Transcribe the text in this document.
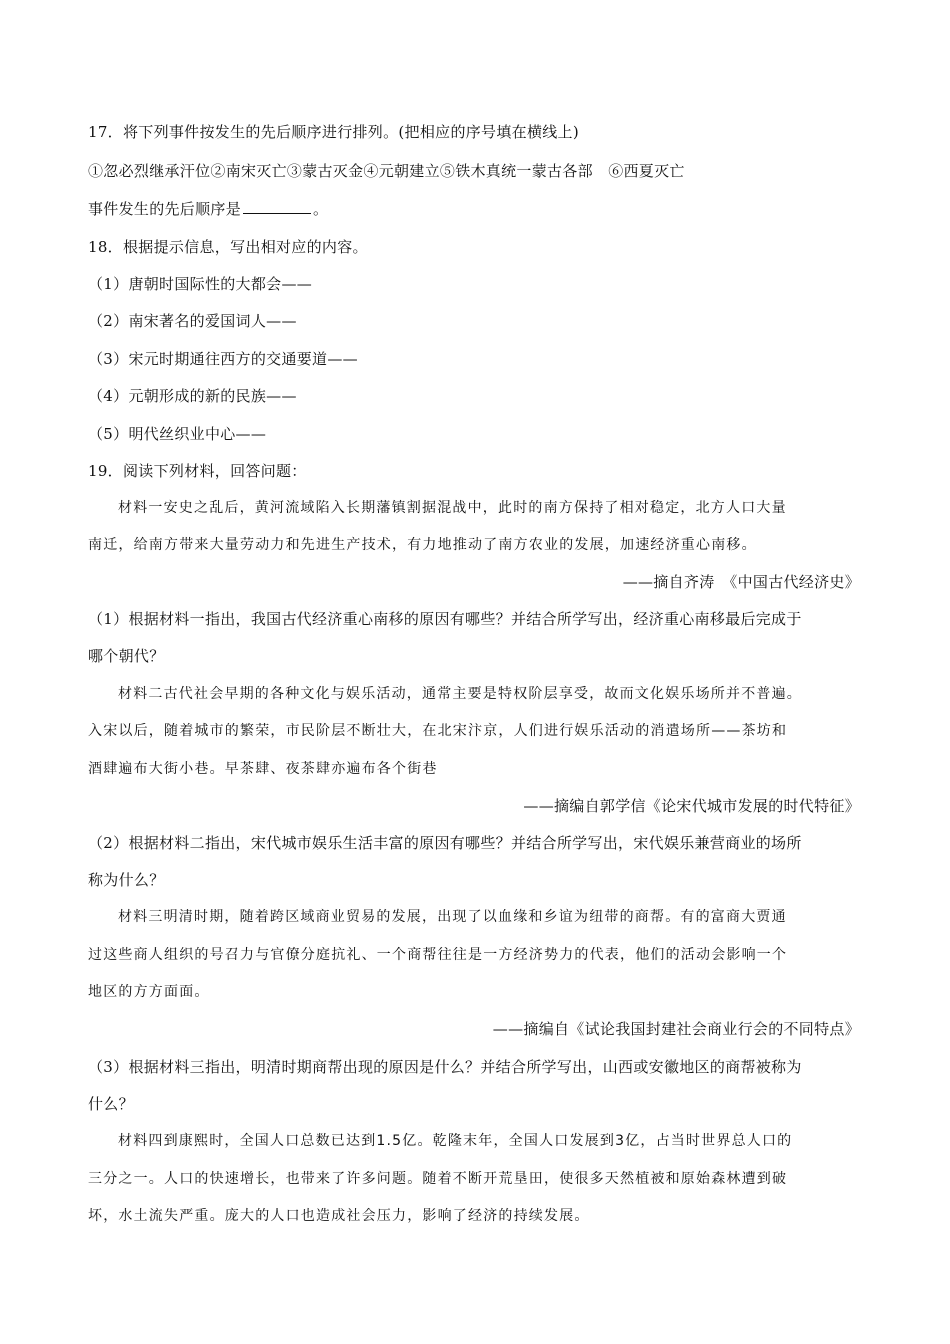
17．将下列事件按发生的先后顺序进行排列。(把相应的序号填在横线上)
①忽必烈继承汗位②南宋灭亡③蒙古灭金④元朝建立⑤铁木真统一蒙古各部　⑥西夏灭亡
事件发生的先后顺序是	。
18．根据提示信息，写出相对应的内容。
（1）唐朝时国际性的大都会——
（2）南宋著名的爱国词人——
（3）宋元时期通往西方的交通要道——
（4）元朝形成的新的民族——
（5）明代丝织业中心——
19．阅读下列材料，回答问题：
材料一安史之乱后，黄河流域陷入长期藩镇割据混战中，此时的南方保持了相对稳定，北方人口大量
南迁，给南方带来大量劳动力和先进生产技术，有力地推动了南方农业的发展，加速经济重心南移。
——摘自齐涛　《中国古代经济史》
（1）根据材料一指出，我国古代经济重心南移的原因有哪些？并结合所学写出，经济重心南移最后完成于
哪个朝代？
材料二古代社会早期的各种文化与娱乐活动，通常主要是特权阶层享受，故而文化娱乐场所并不普遍。
入宋以后，随着城市的繁荣，市民阶层不断壮大，在北宋汴京，人们进行娱乐活动的消遣场所——茶坊和
酒肆遍布大街小巷。早茶肆、夜茶肆亦遍布各个街巷
——摘编自郭学信《论宋代城市发展的时代特征》
（2）根据材料二指出，宋代城市娱乐生活丰富的原因有哪些？并结合所学写出，宋代娱乐兼营商业的场所
称为什么？
材料三明清时期，随着跨区域商业贸易的发展，出现了以血缘和乡谊为纽带的商帮。有的富商大贾通
过这些商人组织的号召力与官僚分庭抗礼、一个商帮往往是一方经济势力的代表，他们的活动会影响一个
地区的方方面面。
——摘编自《试论我国封建社会商业行会的不同特点》
（3）根据材料三指出，明清时期商帮出现的原因是什么？并结合所学写出，山西或安徽地区的商帮被称为
什么？
材料四到康熙时，全国人口总数已达到1.5亿。乾隆末年，全国人口发展到3亿，占当时世界总人口的
三分之一。人口的快速增长，也带来了许多问题。随着不断开荒垦田，使很多天然植被和原始森林遭到破
坏，水土流失严重。庞大的人口也造成社会压力，影响了经济的持续发展。
